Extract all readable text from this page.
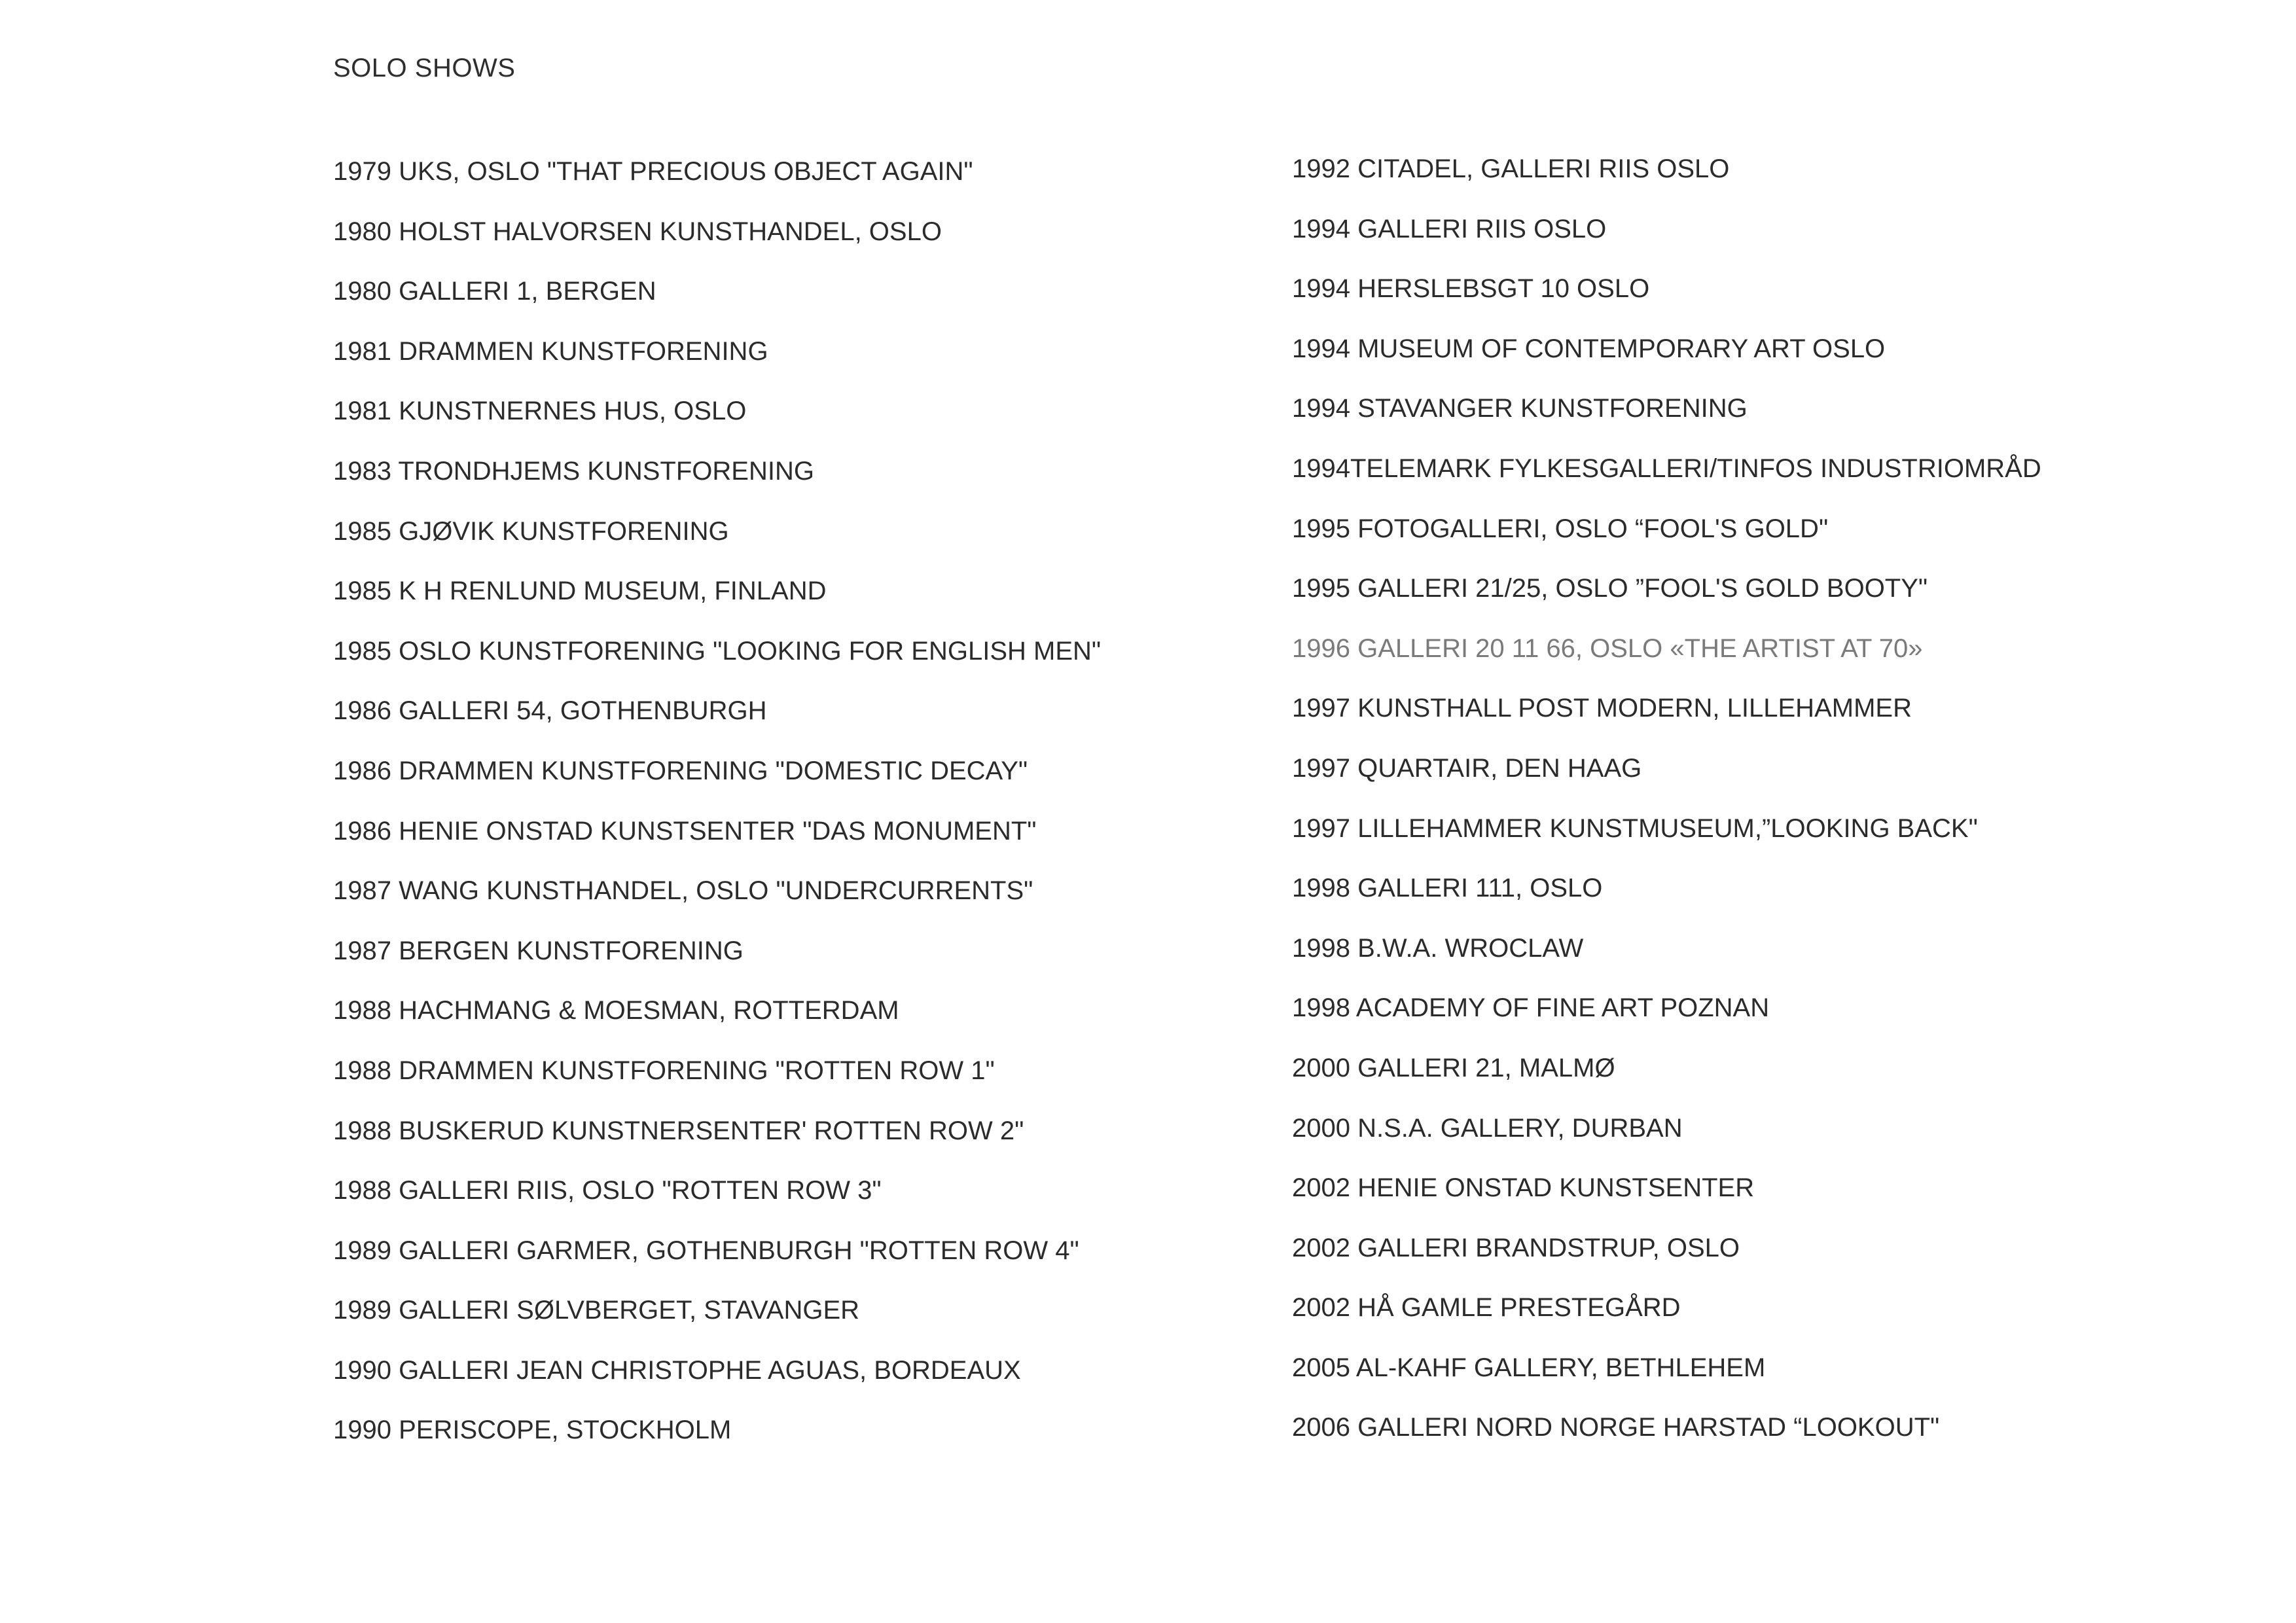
SOLO SHOWS
1979 UKS, OSLO "THAT PRECIOUS OBJECT AGAIN"
1980 HOLST HALVORSEN KUNSTHANDEL, OSLO
1980 GALLERI 1, BERGEN
1981 DRAMMEN KUNSTFORENING
1981 KUNSTNERNES HUS, OSLO
1983 TRONDHJEMS KUNSTFORENING
1985 GJØVIK KUNSTFORENING
1985 K H RENLUND MUSEUM, FINLAND
1985 OSLO KUNSTFORENING "LOOKING FOR ENGLISH MEN"
1986 GALLERI 54, GOTHENBURGH
1986 DRAMMEN KUNSTFORENING "DOMESTIC DECAY"
1986 HENIE ONSTAD KUNSTSENTER "DAS MONUMENT"
1987 WANG KUNSTHANDEL, OSLO "UNDERCURRENTS"
1987 BERGEN KUNSTFORENING
1988 HACHMANG & MOESMAN, ROTTERDAM
1988 DRAMMEN KUNSTFORENING "ROTTEN ROW 1"
1988 BUSKERUD KUNSTNERSENTER' ROTTEN ROW 2"
1988 GALLERI RIIS, OSLO "ROTTEN ROW 3"
1989 GALLERI GARMER, GOTHENBURGH "ROTTEN ROW 4"
1989 GALLERI SØLVBERGET, STAVANGER
1990 GALLERI JEAN CHRISTOPHE AGUAS, BORDEAUX
1990 PERISCOPE, STOCKHOLM
1992 CITADEL, GALLERI RIIS OSLO
1994 GALLERI RIIS OSLO
1994 HERSLEBSGT 10 OSLO
1994 MUSEUM OF CONTEMPORARY ART OSLO
1994 STAVANGER KUNSTFORENING
1994TELEMARK FYLKESGALLERI/TINFOS INDUSTRIOMRÅD
1995 FOTOGALLERI, OSLO “FOOL'S GOLD"
1995 GALLERI 21/25, OSLO ”FOOL'S GOLD BOOTY"
1996 GALLERI 20 11 66, OSLO «THE ARTIST AT 70»
1997 KUNSTHALL POST MODERN, LILLEHAMMER
1997 QUARTAIR, DEN HAAG
1997 LILLEHAMMER KUNSTMUSEUM,”LOOKING BACK"
1998 GALLERI 111, OSLO
1998 B.W.A. WROCLAW
1998 ACADEMY OF FINE ART POZNAN
2000 GALLERI 21, MALMØ
2000 N.S.A. GALLERY, DURBAN
2002 HENIE ONSTAD KUNSTSENTER
2002 GALLERI BRANDSTRUP, OSLO
2002 HÅ GAMLE PRESTEGÅRD
2005 AL-KAHF GALLERY, BETHLEHEM
2006 GALLERI NORD NORGE HARSTAD “LOOKOUT"
